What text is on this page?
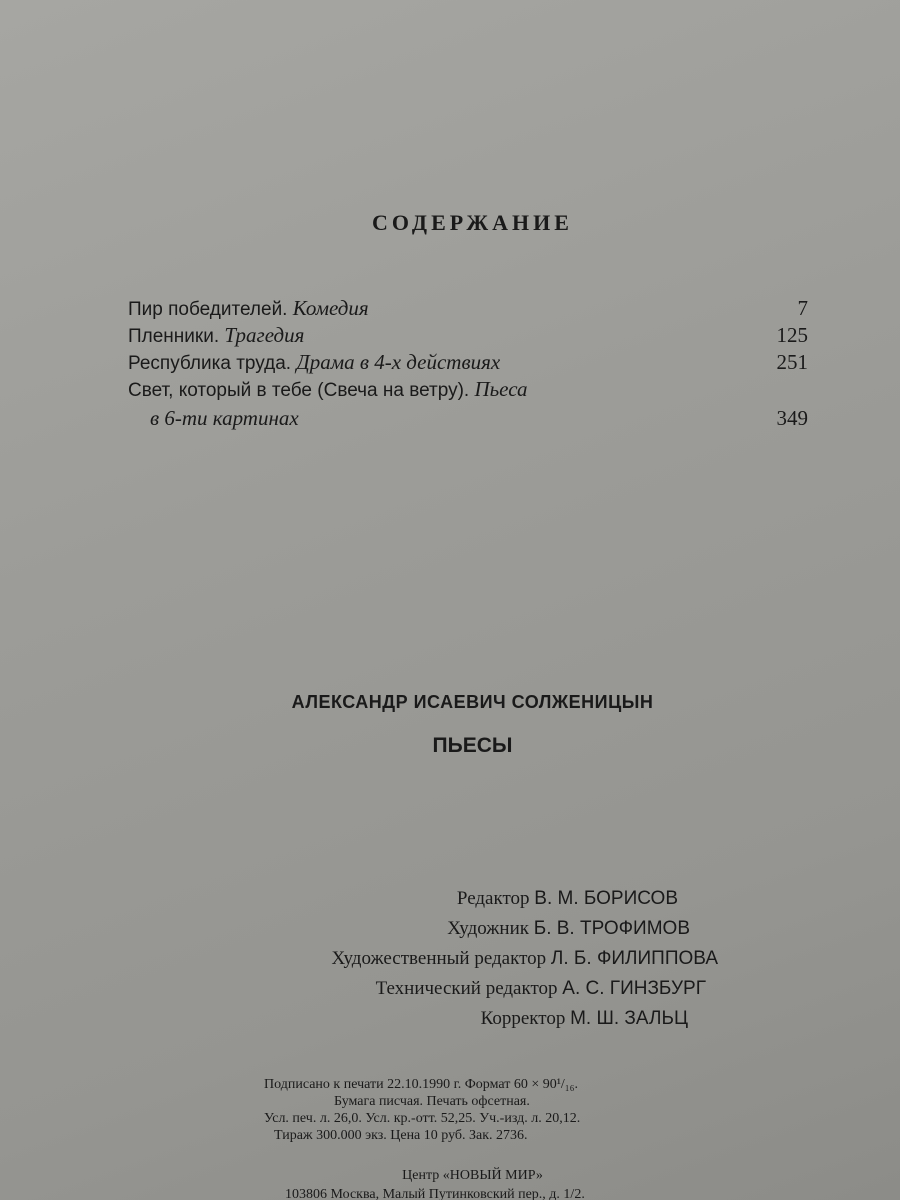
СОДЕРЖАНИЕ
Пир победителей. Комедия	7
Пленники. Трагедия	125
Республика труда. Драма в 4-х действиях	251
Свет, который в тебе (Свеча на ветру). Пьеса
в 6-ти картинах	349
АЛЕКСАНДР ИСАЕВИЧ СОЛЖЕНИЦЫН
ПЬЕСЫ
Редактор В. М. БОРИСОВ
Художник Б. В. ТРОФИМОВ
Художественный редактор Л. Б. ФИЛИППОВА
Технический редактор А. С. ГИНЗБУРГ
Корректор М. Ш. ЗАЛЬЦ
Подписано к печати 22.10.1990 г. Формат 60 × 90¹/₁₆.
Бумага писчая. Печать офсетная.
Усл. печ. л. 26,0. Усл. кр.-отт. 52,25. Уч.-изд. л. 20,12.
Тираж 300.000 экз. Цена 10 руб. Зак. 2736.
Центр «НОВЫЙ МИР»
103806 Москва, Малый Путинковский пер., д. 1/2.
